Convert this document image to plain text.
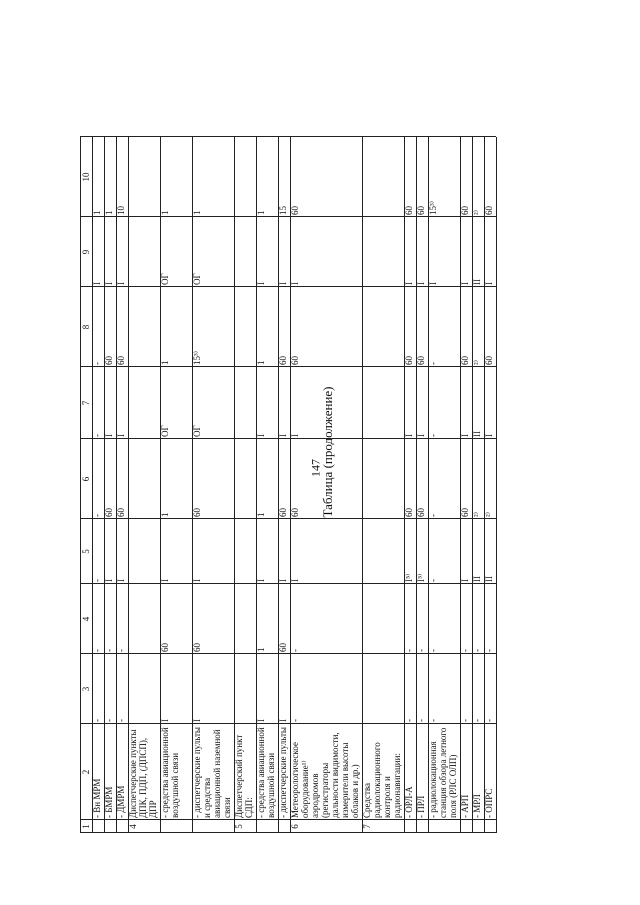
147
Таблица (продолжение)
1
2
3
4
5
6
7
8
9
10
- Вн МРМ
-
-
-
-
-
-
I
1
- БМРМ
-
-
I
60
I
60
I
1
- ДМРМ
-
-
I
60
I
60
I
10
4
Диспетчерские пункты ДПК, ПДП, (ДПСП), ДПР - средства авиационной воздушной связи
I
60
I
1
ОГ
1
ОГ
1
- диспетчерские пульты и средства авиационной наземной связи
I
60
I
60
ОГ
15³⁾
ОГ
1
5
Диспетчерский пункт СДП: - средства авиационной воздушной связи
I
1
I
1
I
1
I
1
- диспетчерские пульты
I
60
I
60
I
60
I
15
6
Метеорологическое оборудование¹⁾ аэродромов (регистраторы дальности видимости, измерители высоты облаков и др.)
-
-
I
60
I
60
I
60
7
Средства радиолокационного контроля и радионавигации: - ОРЛ-А
-
-
I⁵⁾
60
I
60
I
60
- ПРЛ
-
-
I⁵⁾
60
I
60
I
60
- радиолокационная станция обзора летного поля (РЛС ОЛП)
-
-
-
-
-
-
I
15³⁾
- АРП
-
-
I
60
I
60
I
60
- МРЛ
-
-
II
²⁾
II
²⁾
II
²⁾
- ОПРС
-
-
II
²⁾
I
60
I
60
